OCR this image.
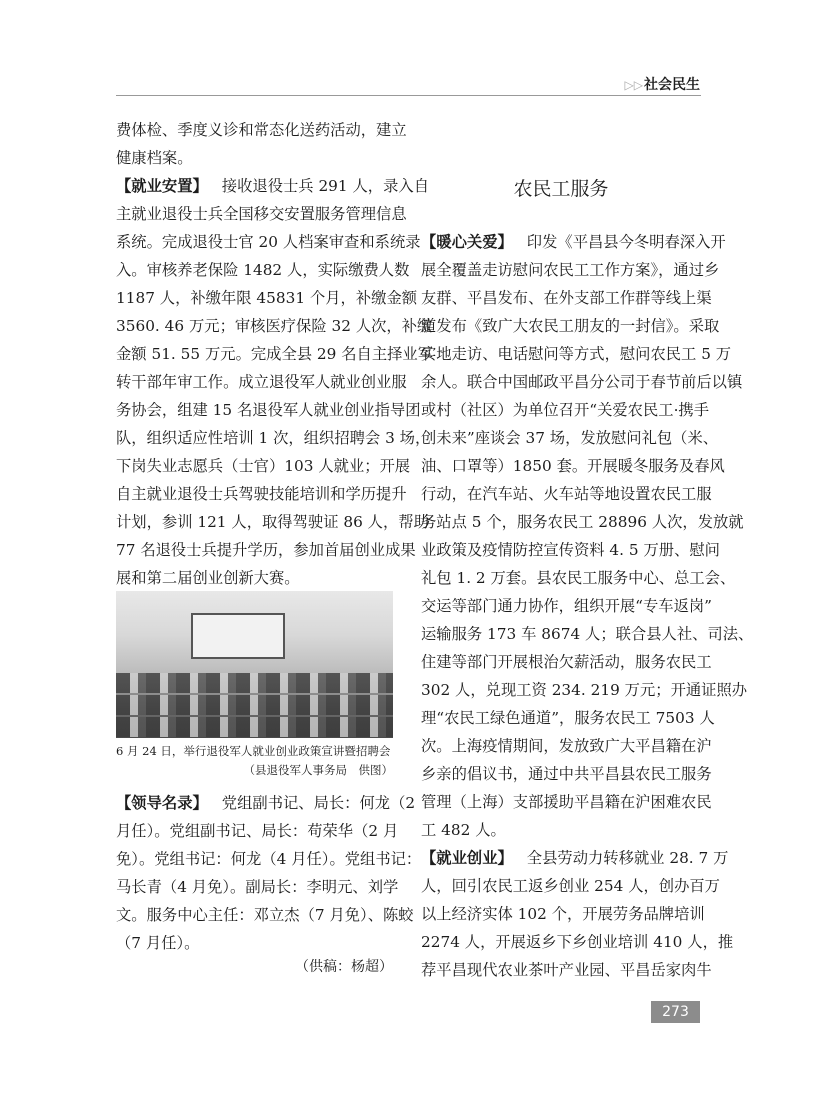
▷▷社会民生
费体检、季度义诊和常态化送药活动，建立
健康档案。
【就业安置】 接收退役士兵 291 人，录入自
主就业退役士兵全国移交安置服务管理信息
系统。完成退役士官 20 人档案审查和系统录
入。审核养老保险 1482 人，实际缴费人数
1187 人，补缴年限 45831 个月，补缴金额
3560. 46 万元；审核医疗保险 32 人次，补缴
金额 51. 55 万元。完成全县 29 名自主择业军
转干部年审工作。成立退役军人就业创业服
务协会，组建 15 名退役军人就业创业指导团
队，组织适应性培训 1 次，组织招聘会 3 场，
下岗失业志愿兵（士官）103 人就业；开展
自主就业退役士兵驾驶技能培训和学历提升
计划，参训 121 人，取得驾驶证 86 人，帮助
77 名退役士兵提升学历，参加首届创业成果
展和第二届创业创新大赛。
6 月 24 日，举行退役军人就业创业政策宣讲暨招聘会
（县退役军人事务局　供图）
【领导名录】 党组副书记、局长：何龙（2
月任）。党组副书记、局长：苟荣华（2 月
免）。党组书记：何龙（4 月任）。党组书记：
马长青（4 月免）。副局长：李明元、刘学
文。服务中心主任：邓立杰（7 月免）、陈蛟
（7 月任）。
（供稿：杨超）
农民工服务
【暖心关爱】 印发《平昌县今冬明春深入开
展全覆盖走访慰问农民工工作方案》，通过乡
友群、平昌发布、在外支部工作群等线上渠
道发布《致广大农民工朋友的一封信》。采取
实地走访、电话慰问等方式，慰问农民工 5 万
余人。联合中国邮政平昌分公司于春节前后以镇
或村（社区）为单位召开“关爱农民工·携手
创未来”座谈会 37 场，发放慰问礼包（米、
油、口罩等）1850 套。开展暖冬服务及春风
行动，在汽车站、火车站等地设置农民工服
务站点 5 个，服务农民工 28896 人次，发放就
业政策及疫情防控宣传资料 4. 5 万册、慰问
礼包 1. 2 万套。县农民工服务中心、总工会、
交运等部门通力协作，组织开展“专车返岗”
运输服务 173 车 8674 人；联合县人社、司法、
住建等部门开展根治欠薪活动，服务农民工
302 人，兑现工资 234. 219 万元；开通证照办
理“农民工绿色通道”，服务农民工 7503 人
次。上海疫情期间，发放致广大平昌籍在沪
乡亲的倡议书，通过中共平昌县农民工服务
管理（上海）支部援助平昌籍在沪困难农民
工 482 人。
【就业创业】 全县劳动力转移就业 28. 7 万
人，回引农民工返乡创业 254 人，创办百万
以上经济实体 102 个，开展劳务品牌培训
2274 人，开展返乡下乡创业培训 410 人，推
荐平昌现代农业茶叶产业园、平昌岳家肉牛
273
